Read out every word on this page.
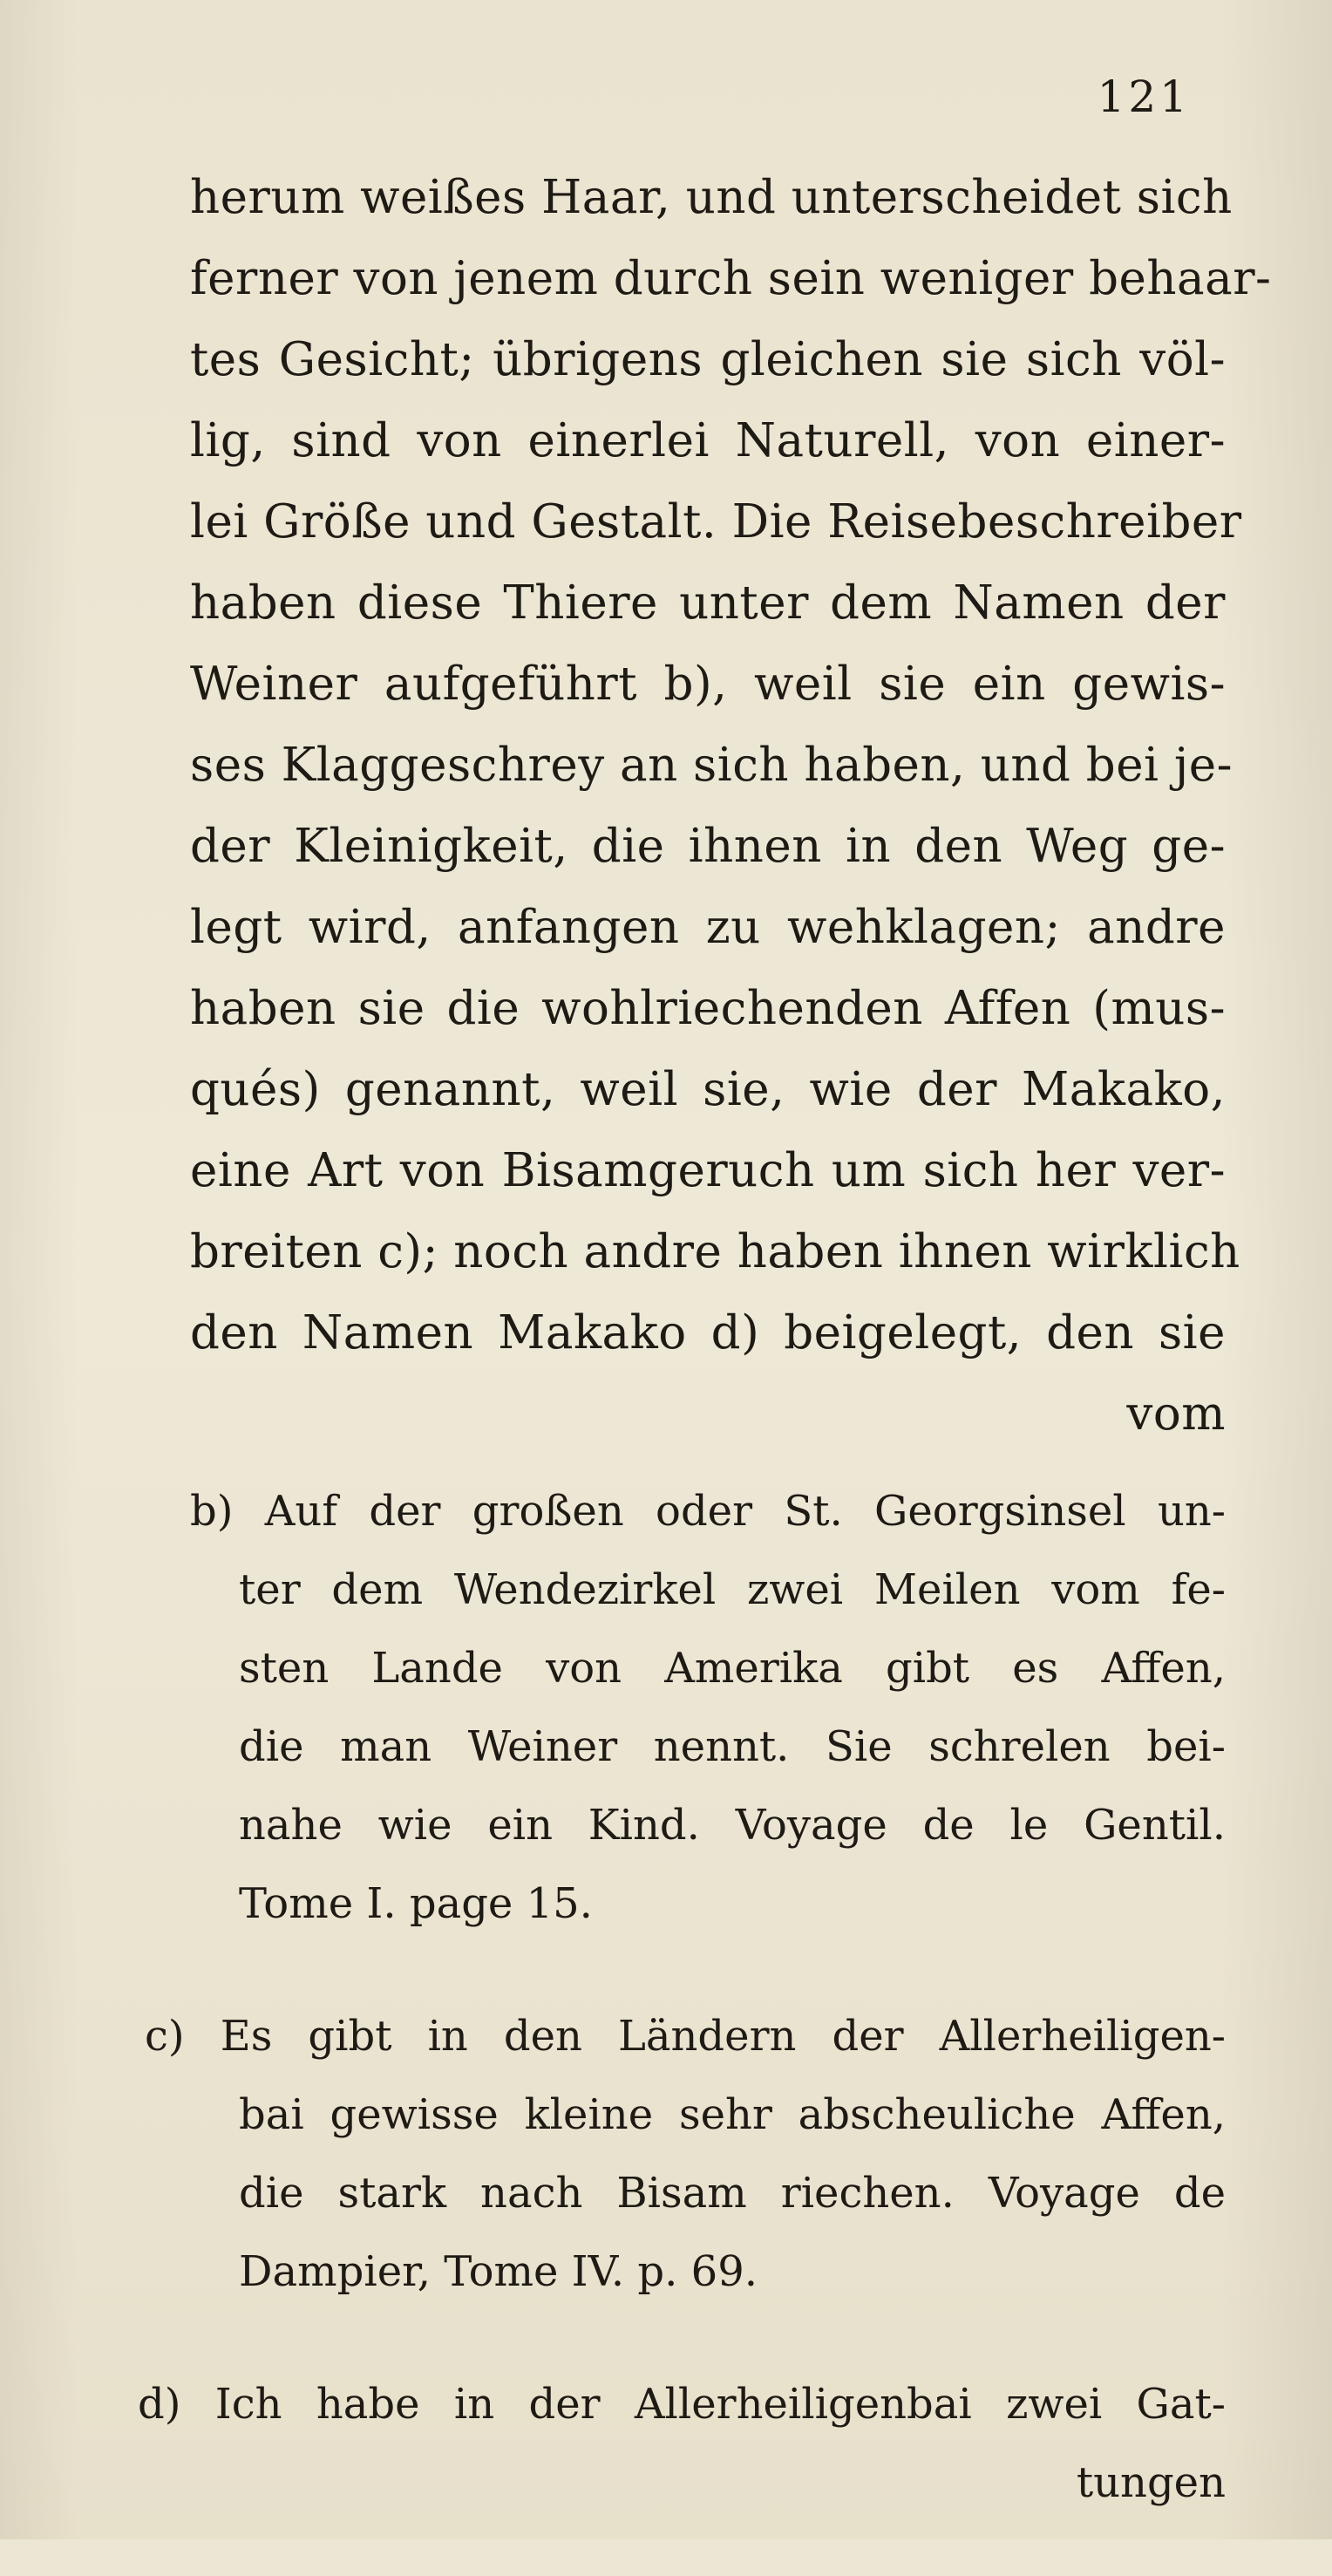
121
herum weißes Haar, und unterscheidet sich
ferner von jenem durch sein weniger behaar-
tes Gesicht; übrigens gleichen sie sich völ-
lig, sind von einerlei Naturell, von einer-
lei Größe und Gestalt. Die Reisebeschreiber
haben diese Thiere unter dem Namen der
Weiner aufgeführt b), weil sie ein gewis-
ses Klaggeschrey an sich haben, und bei je-
der Kleinigkeit, die ihnen in den Weg ge-
legt wird, anfangen zu wehklagen; andre
haben sie die wohlriechenden Affen (mus-
qués) genannt, weil sie, wie der Makako,
eine Art von Bisamgeruch um sich her ver-
breiten c); noch andre haben ihnen wirklich
den Namen Makako d) beigelegt, den sie
vom
b) Auf der großen oder St. Georgsinsel un-
ter dem Wendezirkel zwei Meilen vom fe-
sten Lande von Amerika gibt es Affen,
die man Weiner nennt. Sie schrelen bei-
nahe wie ein Kind. Voyage de le Gentil.
Tome I. page 15.
c) Es gibt in den Ländern der Allerheiligen-
bai gewisse kleine sehr abscheuliche Affen,
die stark nach Bisam riechen. Voyage de
Dampier, Tome IV. p. 69.
d) Ich habe in der Allerheiligenbai zwei Gat-
tungen
